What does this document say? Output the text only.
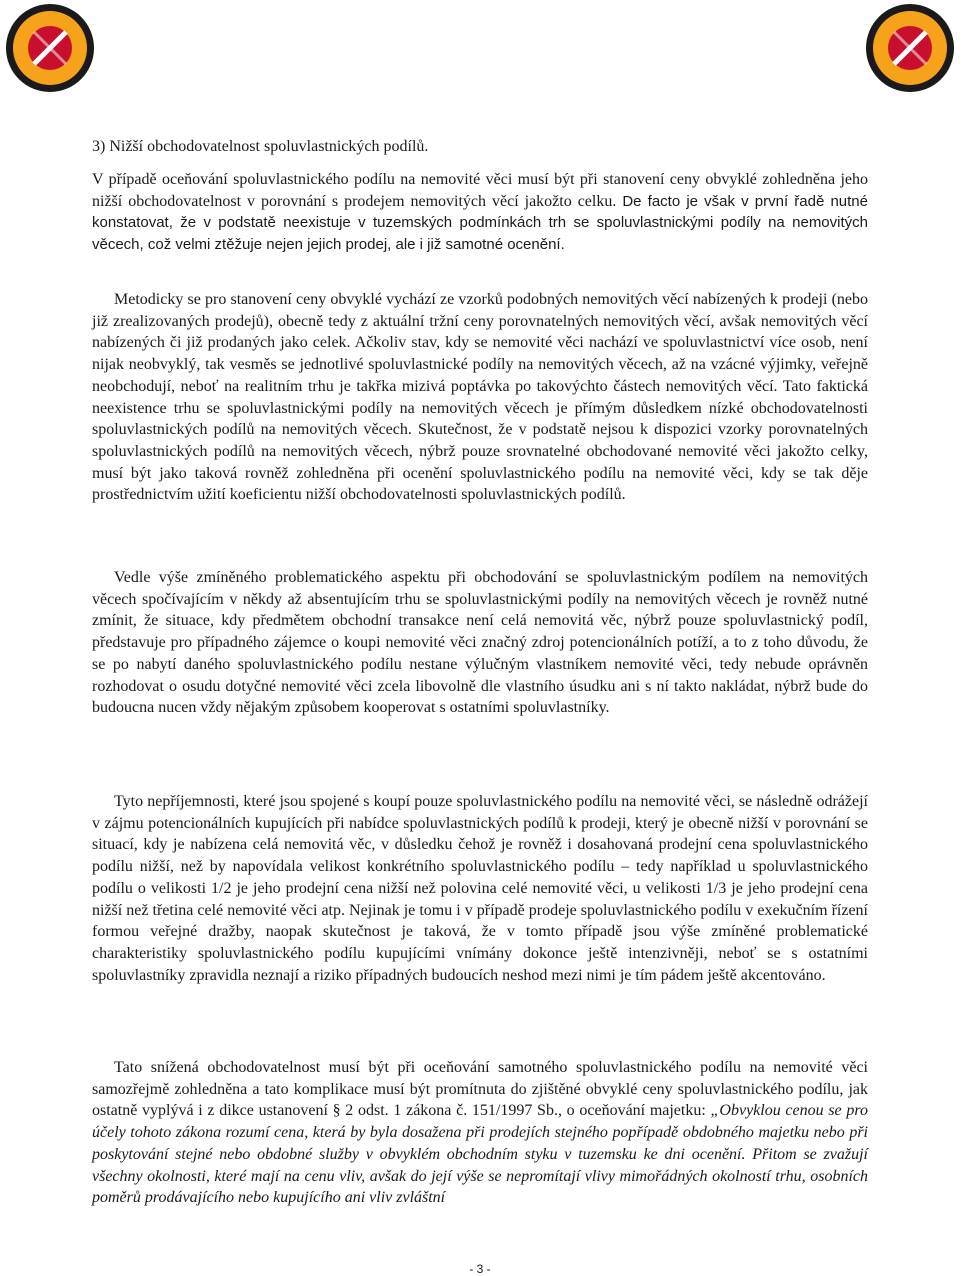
3) Nižší obchodovatelnost spoluvlastnických podílů.

V případě oceňování spoluvlastnického podílu na nemovité věci musí být při stanovení ceny obvyklé zohledněna jeho nižší obchodovatelnost v porovnání s prodejem nemovitých věcí jakožto celku. De facto je však v první řadě nutné konstatovat, že v podstatě neexistuje v tuzemských podmínkách trh se spoluvlastnickými podíly na nemovitých věcech, což velmi ztěžuje nejen jejich prodej, ale i již samotné ocenění.

Metodicky se pro stanovení ceny obvyklé vychází ze vzorků podobných nemovitých věcí nabízených k prodeji (nebo již zrealizovaných prodejů), obecně tedy z aktuální tržní ceny porovnatelných nemovitých věcí, avšak nemovitých věcí nabízených či již prodaných jako celek. Ačkoliv stav, kdy se nemovité věci nachází ve spoluvlastnictví více osob, není nijak neobvyklý, tak vesměs se jednotlivé spoluvlastnické podíly na nemovitých věcech, až na vzácné výjimky, veřejně neobchodují, neboť na realitním trhu je takřka mizivá poptávka po takovýchto částech nemovitých věcí. Tato faktická neexistence trhu se spoluvlastnickými podíly na nemovitých věcech je přímým důsledkem nízké obchodovatelnosti spoluvlastnických podílů na nemovitých věcech. Skutečnost, že v podstatě nejsou k dispozici vzorky porovnatelných spoluvlastnických podílů na nemovitých věcech, nýbrž pouze srovnatelné obchodované nemovité věci jakožto celky, musí být jako taková rovněž zohledněna při ocenění spoluvlastnického podílu na nemovité věci, kdy se tak děje prostřednictvím užití koeficientu nižší obchodovatelnosti spoluvlastnických podílů.

Vedle výše zmíněného problematického aspektu při obchodování se spoluvlastnickým podílem na nemovitých věcech spočívajícím v někdy až absentujícím trhu se spoluvlastnickými podíly na nemovitých věcech je rovněž nutné zmínit, že situace, kdy předmětem obchodní transakce není celá nemovitá věc, nýbrž pouze spoluvlastnický podíl, představuje pro případného zájemce o koupi nemovité věci značný zdroj potencionálních potíží, a to z toho důvodu, že se po nabytí daného spoluvlastnického podílu nestane výlučným vlastníkem nemovité věci, tedy nebude oprávněn rozhodovat o osudu dotyčné nemovité věci zcela libovolně dle vlastního úsudku ani s ní takto nakládat, nýbrž bude do budoucna nucen vždy nějakým způsobem kooperovat s ostatními spoluvlastníky.

Tyto nepříjemnosti, které jsou spojené s koupí pouze spoluvlastnického podílu na nemovité věci, se následně odrážejí v zájmu potencionálních kupujících při nabídce spoluvlastnických podílů k prodeji, který je obecně nižší v porovnání se situací, kdy je nabízena celá nemovitá věc, v důsledku čehož je rovněž i dosahovaná prodejní cena spoluvlastnického podílu nižší, než by napovídala velikost konkrétního spoluvlastnického podílu – tedy například u spoluvlastnického podílu o velikosti 1/2 je jeho prodejní cena nižší než polovina celé nemovité věci, u velikosti 1/3 je jeho prodejní cena nižší než třetina celé nemovité věci atp. Nejinak je tomu i v případě prodeje spoluvlastnického podílu v exekučním řízení formou veřejné dražby, naopak skutečnost je taková, že v tomto případě jsou výše zmíněné problematické charakteristiky spoluvlastnického podílu kupujícími vnímány dokonce ještě intenzivněji, neboť se s ostatními spoluvlastníky zpravidla neznají a riziko případných budoucích neshod mezi nimi je tím pádem ještě akcentováno.

Tato snížená obchodovatelnost musí být při oceňování samotného spoluvlastnického podílu na nemovité věci samozřejmě zohledněna a tato komplikace musí být promítnuta do zjištěné obvyklé ceny spoluvlastnického podílu, jak ostatně vyplývá i z dikce ustanovení § 2 odst. 1 zákona č. 151/1997 Sb., o oceňování majetku: „Obvyklou cenou se pro účely tohoto zákona rozumí cena, která by byla dosažena při prodejích stejného popřípadě obdobného majetku nebo při poskytování stejné nebo obdobné služby v obvyklém obchodním styku v tuzemsku ke dni ocenění. Přitom se zvažují všechny okolnosti, které mají na cenu vliv, avšak do její výše se nepromítají vlivy mimořádných okolností trhu, osobních poměrů prodávajícího nebo kupujícího ani vliv zvláštní

- 3 -
